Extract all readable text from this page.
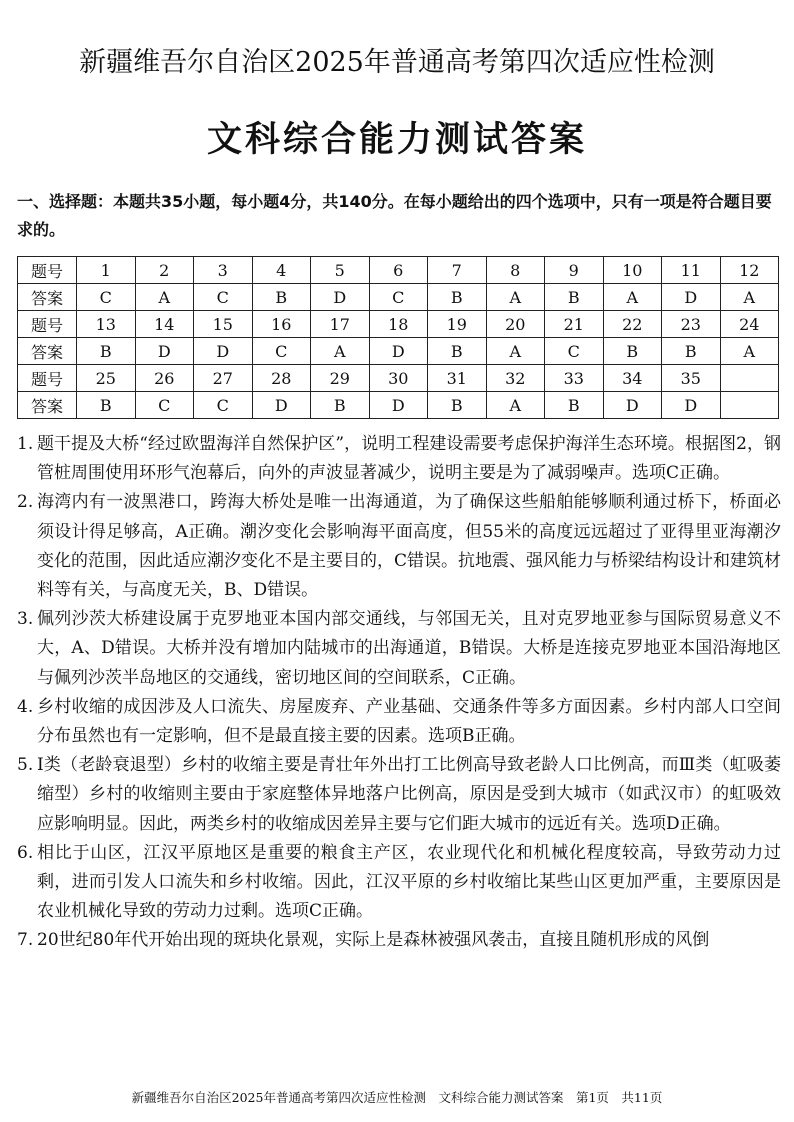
新疆维吾尔自治区2025年普通高考第四次适应性检测
文科综合能力测试答案
一、选择题：本题共35小题，每小题4分，共140分。在每小题给出的四个选项中，只有一项是符合题目要求的。
题号	1	2	3	4	5	6	7	8	9	10	11	12
答案	C	A	C	B	D	C	B	A	B	A	D	A
题号	13	14	15	16	17	18	19	20	21	22	23	24
答案	B	D	D	C	A	D	B	A	C	B	B	A
题号	25	26	27	28	29	30	31	32	33	34	35	
答案	B	C	C	D	B	D	B	A	B	D	D	

1. 题干提及大桥“经过欧盟海洋自然保护区”，说明工程建设需要考虑保护海洋生态环境。根据图2，钢管桩周围使用环形气泡幕后，向外的声波显著减少，说明主要是为了减弱噪声。选项C正确。

2. 海湾内有一波黑港口，跨海大桥处是唯一出海通道，为了确保这些船舶能够顺利通过桥下，桥面必须设计得足够高，A正确。潮汐变化会影响海平面高度，但55米的高度远远超过了亚得里亚海潮汐变化的范围，因此适应潮汐变化不是主要目的，C错误。抗地震、强风能力与桥梁结构设计和建筑材料等有关，与高度无关，B、D错误。

3. 佩列沙茨大桥建设属于克罗地亚本国内部交通线，与邻国无关，且对克罗地亚参与国际贸易意义不大，A、D错误。大桥并没有增加内陆城市的出海通道，B错误。大桥是连接克罗地亚本国沿海地区与佩列沙茨半岛地区的交通线，密切地区间的空间联系，C正确。

4. 乡村收缩的成因涉及人口流失、房屋废弃、产业基础、交通条件等多方面因素。乡村内部人口空间分布虽然也有一定影响，但不是最直接主要的因素。选项B正确。

5. Ⅰ类（老龄衰退型）乡村的收缩主要是青壮年外出打工比例高导致老龄人口比例高，而Ⅲ类（虹吸萎缩型）乡村的收缩则主要由于家庭整体异地落户比例高，原因是受到大城市（如武汉市）的虹吸效应影响明显。因此，两类乡村的收缩成因差异主要与它们距大城市的远近有关。选项D正确。

6. 相比于山区，江汉平原地区是重要的粮食主产区，农业现代化和机械化程度较高，导致劳动力过剩，进而引发人口流失和乡村收缩。因此，江汉平原的乡村收缩比某些山区更加严重，主要原因是农业机械化导致的劳动力过剩。选项C正确。

7. 20世纪80年代开始出现的斑块化景观，实际上是森林被强风袭击，直接且随机形成的风倒

新疆维吾尔自治区2025年普通高考第四次适应性检测　文科综合能力测试答案　第1页　共11页
